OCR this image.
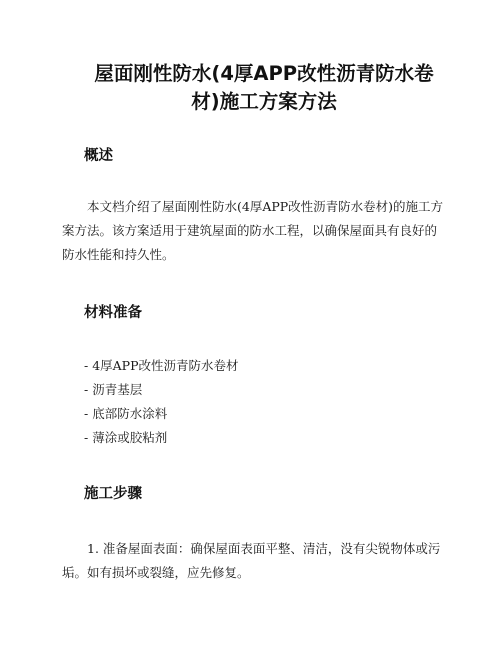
屋面刚性防水(4厚APP改性沥青防水卷材)施工方案方法
概述

本文档介绍了屋面刚性防水(4厚APP改性沥青防水卷材)的施工方案方法。该方案适用于建筑屋面的防水工程，以确保屋面具有良好的防水性能和持久性。

材料准备
- 4厚APP改性沥青防水卷材
- 沥青基层
- 底部防水涂料
- 薄涂或胶粘剂
施工步骤

1. 准备屋面表面：确保屋面表面平整、清洁，没有尖锐物体或污垢。如有损坏或裂缝，应先修复。
